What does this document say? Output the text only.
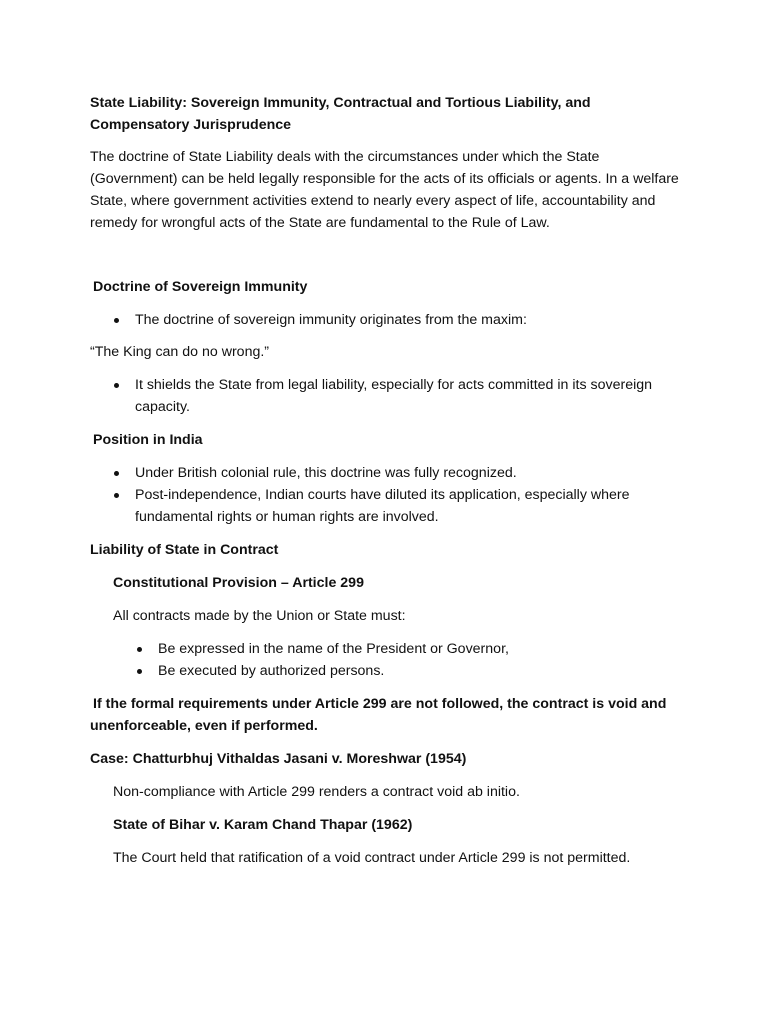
State Liability: Sovereign Immunity, Contractual and Tortious Liability, and Compensatory Jurisprudence

The doctrine of State Liability deals with the circumstances under which the State (Government) can be held legally responsible for the acts of its officials or agents. In a welfare State, where government activities extend to nearly every aspect of life, accountability and remedy for wrongful acts of the State are fundamental to the Rule of Law.

Doctrine of Sovereign Immunity

The doctrine of sovereign immunity originates from the maxim:

“The King can do no wrong.”

It shields the State from legal liability, especially for acts committed in its sovereign capacity.

Position in India

Under British colonial rule, this doctrine was fully recognized.
Post-independence, Indian courts have diluted its application, especially where fundamental rights or human rights are involved.

Liability of State in Contract

Constitutional Provision – Article 299

All contracts made by the Union or State must:

Be expressed in the name of the President or Governor,
Be executed by authorized persons.

If the formal requirements under Article 299 are not followed, the contract is void and unenforceable, even if performed.

Case: Chatturbhuj Vithaldas Jasani v. Moreshwar (1954)

Non-compliance with Article 299 renders a contract void ab initio.

State of Bihar v. Karam Chand Thapar (1962)

The Court held that ratification of a void contract under Article 299 is not permitted.
